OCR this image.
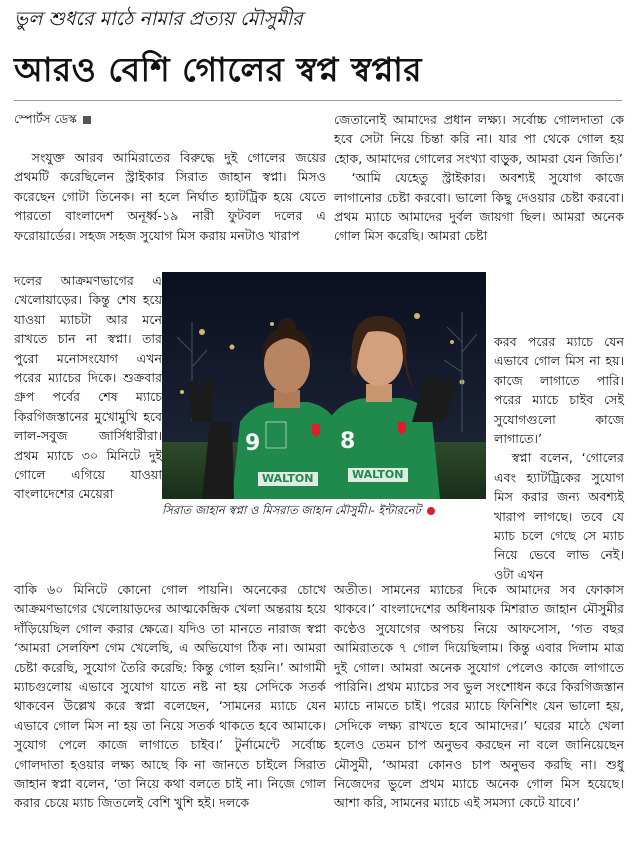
ভুল শুধরে মাঠে নামার প্রত্যয় মৌসুমীর
আরও বেশি গোলের স্বপ্ন স্বপ্নার
স্পোর্টস ডেস্ক

সংযুক্ত আরব আমিরাতের বিরুদ্ধে দুই গোলের জয়ের প্রথমটি করেছিলেন স্ট্রাইকার সিরাত জাহান স্বপ্না। মিসও করেছেন গোটা তিনেক। না হলে নির্ঘাত হ্যাটট্রিক হয়ে যেতে পারতো বাংলাদেশ অনূর্ধ্ব-১৯ নারী ফুটবল দলের এ ফরোয়ার্ডের। সহজ সহজ সুযোগ মিস করায় মনটাও খারাপ

দলের আক্রমণভাগের এ খেলোয়াড়ের। কিন্তু শেষ হয়ে যাওয়া ম্যাচটা আর মনে রাখতে চান না স্বপ্না। তার পুরো মনোসংযোগ এখন পরের ম্যাচের দিকে। শুক্রবার গ্রুপ পর্বের শেষ ম্যাচে কিরগিজস্তানের মুখোমুখি হবে লাল-সবুজ জার্সিধারীরা। প্রথম ম্যাচে ৩০ মিনিটে দুই গোলে এগিয়ে যাওয়া বাংলাদেশের মেয়েরা

বাকি ৬০ মিনিটে কোনো গোল পায়নি। অনেকের চোখে আক্রমণভাগের খেলোয়াড়দের আত্মকেন্দ্রিক খেলা অন্তরায় হয়ে দাঁড়িয়েছিল গোল করার ক্ষেত্রে। যদিও তা মানতে নারাজ স্বপ্না ‘আমরা সেলফিশ গেম খেলেছি, এ অভিযোগ ঠিক না। আমরা চেষ্টা করেছি, সুযোগ তৈরি করেছি: কিন্তু গোল হয়নি।’ আগামী ম্যাচগুলোয় এভাবে সুযোগ যাতে নষ্ট না হয় সেদিকে সতর্ক থাকবেন উল্লেখ করে স্বপ্না বলেছেন, ‘সামনের ম্যাচে যেন এভাবে গোল মিস না হয় তা নিয়ে সতর্ক থাকতে হবে আমাকে। সুযোগ পেলে কাজে লাগাতে চাইব।’ টুর্নামেন্টে সর্বোচ্চ গোলদাতা হওয়ার লক্ষ্য আছে কি না জানতে চাইলে সিরাত জাহান স্বপ্না বলেন, ‘তা নিয়ে কথা বলতে চাই না। নিজে গোল করার চেয়ে ম্যাচ জিতলেই বেশি খুশি হই। দলকে

জেতানোই আমাদের প্রধান লক্ষ্য। সর্বোচ্চ গোলদাতা কে হবে সেটা নিয়ে চিন্তা করি না। যার পা থেকে গোল হয় হোক, আমাদের গোলের সংখ্যা বাড়ুক, আমরা যেন জিতি।’

‘আমি যেহেতু স্ট্রাইকার। অবশ্যই সুযোগ কাজে লাগানোর চেষ্টা করবো। ভালো কিছু দেওয়ার চেষ্টা করবো। প্রথম ম্যাচে আমাদের দুর্বল জায়গা ছিল। আমরা অনেক গোল মিস করেছি। আমরা চেষ্টা

করব পরের ম্যাচে যেন এভাবে গোল মিস না হয়। কাজে লাগাতে পারি। পরের ম্যাচে চাইব সেই সুযোগগুলো কাজে লাগাতে।’

স্বপ্না বলেন, ‘গোলের এবং হ্যাটট্রিকের সুযোগ মিস করার জন্য অবশ্যই খারাপ লাগছে। তবে যে ম্যাচ চলে গেছে সে ম্যাচ নিয়ে ভেবে লাভ নেই। ওটা এখন

অতীত। সামনের ম্যাচের দিকে আমাদের সব ফোকাস থাকবে।’ বাংলাদেশের অধিনায়ক মিশরাত জাহান মৌসুমীর কণ্ঠেও সুযোগের অপচয় নিয়ে আফসোস, ‘গত বছর আমিরাতকে ৭ গোল দিয়েছিলাম। কিন্তু এবার দিলাম মাত্র দুই গোল। আমরা অনেক সুযোগ পেলেও কাজে লাগাতে পারিনি। প্রথম ম্যাচের সব ভুল সংশোধন করে কিরগিজস্তান ম্যাচে নামতে চাই। পরের ম্যাচে ফিনিশিং যেন ভালো হয়, সেদিকে লক্ষ্য রাখতে হবে আমাদের।’ ঘরের মাঠে খেলা হলেও তেমন চাপ অনুভব করছেন না বলে জানিয়েছেন মৌসুমী, ‘আমরা কোনও চাপ অনুভব করছি না। শুধু নিজেদের ভুলে প্রথম ম্যাচে অনেক গোল মিস হয়েছে। আশা করি, সামনের ম্যাচে এই সমস্যা কেটে যাবে।’

9	8
WALTON	WALTON
সিরাত জাহান স্বপ্না ও মিসরাত জাহান মৌসুমী।- ইন্টারনেট
